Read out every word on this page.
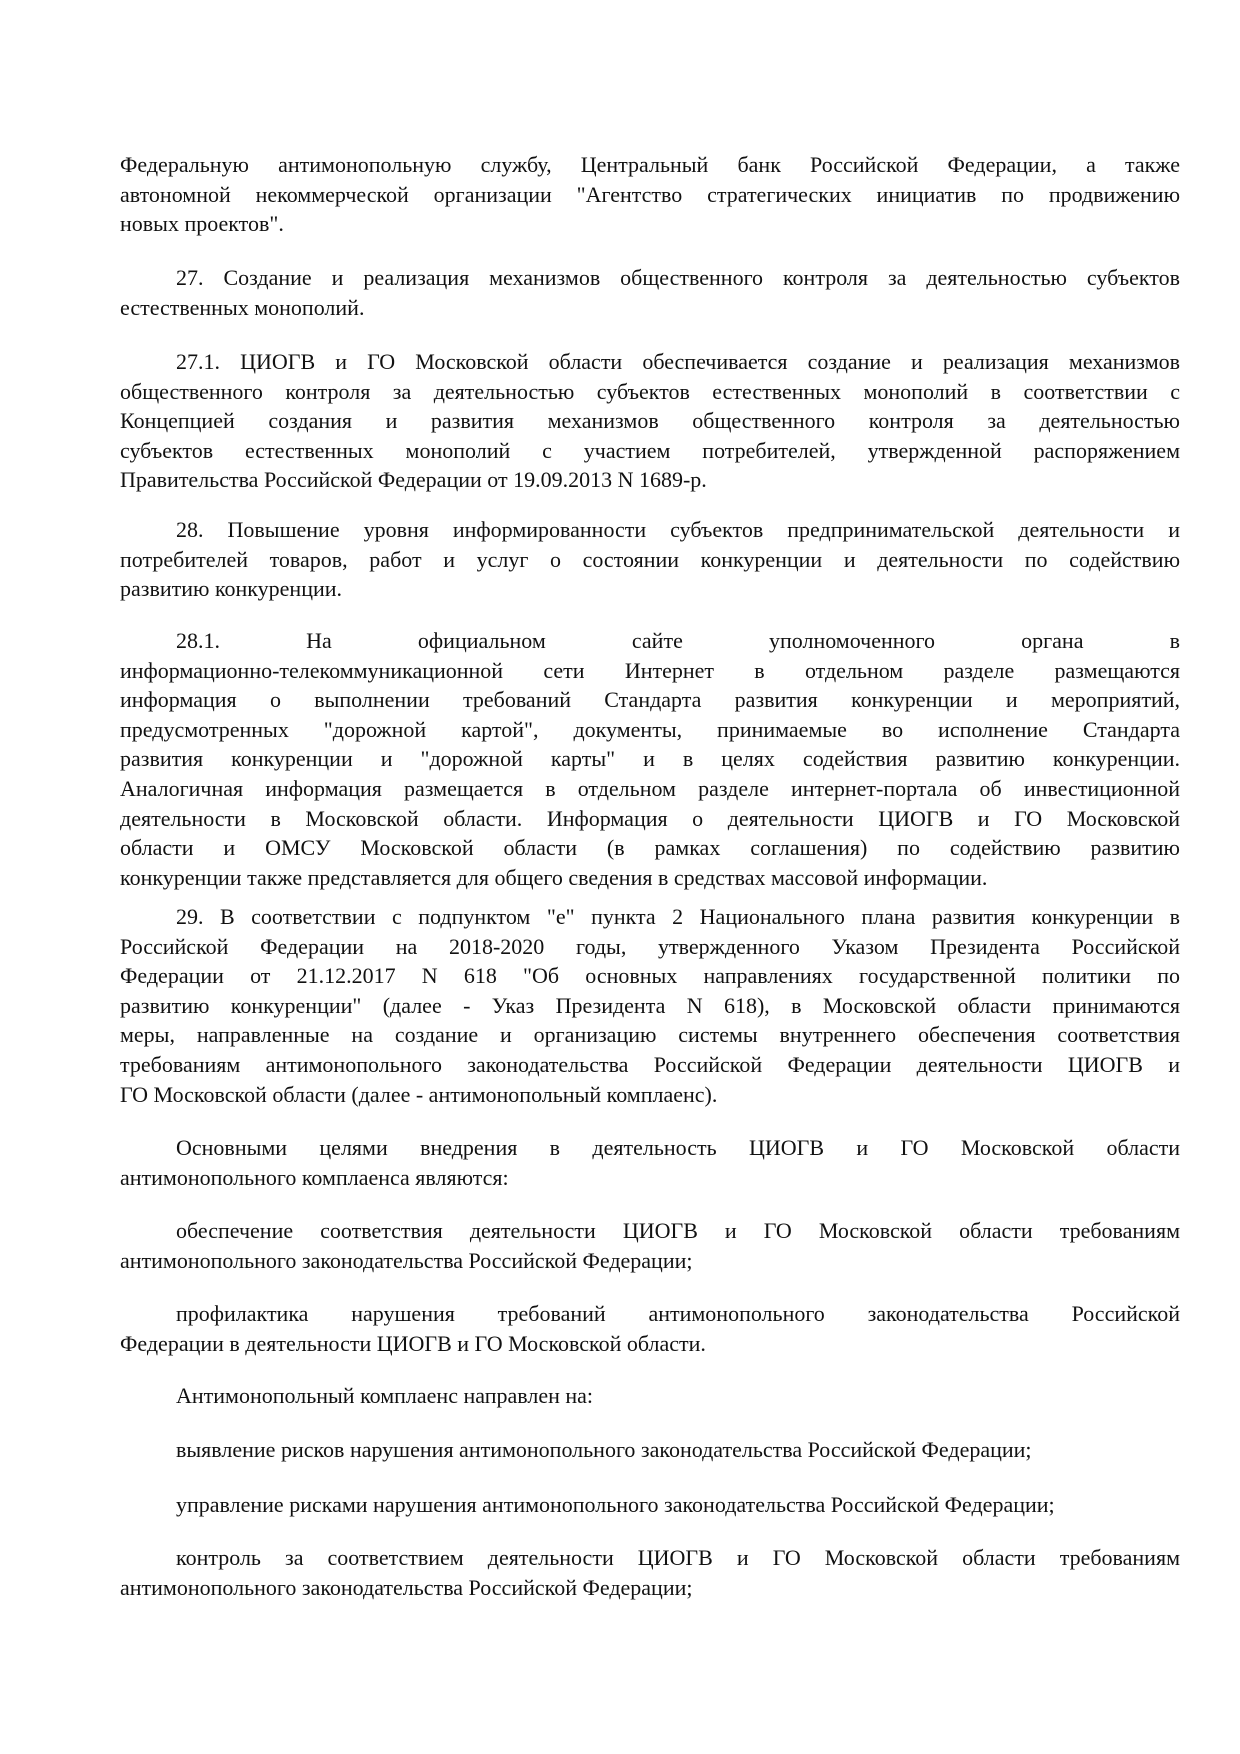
Федеральную антимонопольную службу, Центральный банк Российской Федерации, а также
автономной некоммерческой организации "Агентство стратегических инициатив по продвижению
новых проектов".
27. Создание и реализация механизмов общественного контроля за деятельностью субъектов
естественных монополий.
27.1. ЦИОГВ и ГО Московской области обеспечивается создание и реализация механизмов
общественного контроля за деятельностью субъектов естественных монополий в соответствии с
Концепцией создания и развития механизмов общественного контроля за деятельностью
субъектов естественных монополий с участием потребителей, утвержденной распоряжением
Правительства Российской Федерации от 19.09.2013 N 1689-р.
28. Повышение уровня информированности субъектов предпринимательской деятельности и
потребителей товаров, работ и услуг о состоянии конкуренции и деятельности по содействию
развитию конкуренции.
28.1. На официальном сайте уполномоченного органа в
информационно-телекоммуникационной сети Интернет в отдельном разделе размещаются
информация о выполнении требований Стандарта развития конкуренции и мероприятий,
предусмотренных "дорожной картой", документы, принимаемые во исполнение Стандарта
развития конкуренции и "дорожной карты" и в целях содействия развитию конкуренции.
Аналогичная информация размещается в отдельном разделе интернет-портала об инвестиционной
деятельности в Московской области. Информация о деятельности ЦИОГВ и ГО Московской
области и ОМСУ Московской области (в рамках соглашения) по содействию развитию
конкуренции также представляется для общего сведения в средствах массовой информации.
29. В соответствии с подпунктом "е" пункта 2 Национального плана развития конкуренции в
Российской Федерации на 2018-2020 годы, утвержденного Указом Президента Российской
Федерации от 21.12.2017 N 618 "Об основных направлениях государственной политики по
развитию конкуренции" (далее - Указ Президента N 618), в Московской области принимаются
меры, направленные на создание и организацию системы внутреннего обеспечения соответствия
требованиям антимонопольного законодательства Российской Федерации деятельности ЦИОГВ и
ГО Московской области (далее - антимонопольный комплаенс).
Основными целями внедрения в деятельность ЦИОГВ и ГО Московской области
антимонопольного комплаенса являются:
обеспечение соответствия деятельности ЦИОГВ и ГО Московской области требованиям
антимонопольного законодательства Российской Федерации;
профилактика нарушения требований антимонопольного законодательства Российской
Федерации в деятельности ЦИОГВ и ГО Московской области.
Антимонопольный комплаенс направлен на:
выявление рисков нарушения антимонопольного законодательства Российской Федерации;
управление рисками нарушения антимонопольного законодательства Российской Федерации;
контроль за соответствием деятельности ЦИОГВ и ГО Московской области требованиям
антимонопольного законодательства Российской Федерации;
